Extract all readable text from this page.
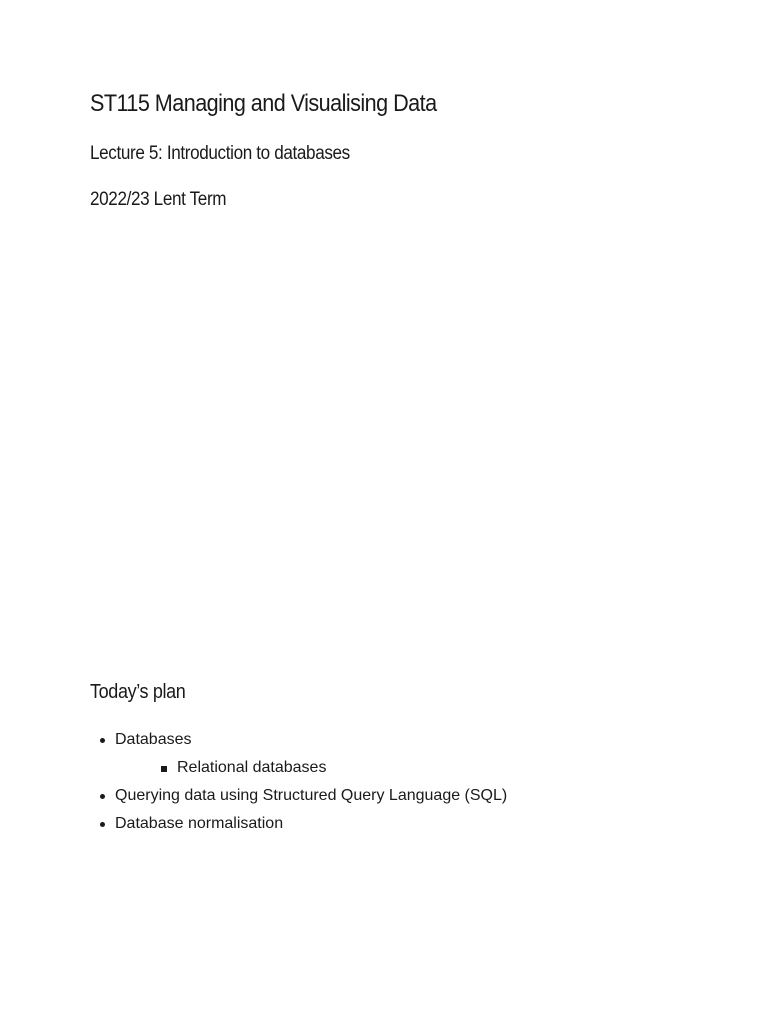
ST115 Managing and Visualising Data
Lecture 5: Introduction to databases
2022/23 Lent Term
Today’s plan
Databases
Relational databases
Querying data using Structured Query Language (SQL)
Database normalisation
